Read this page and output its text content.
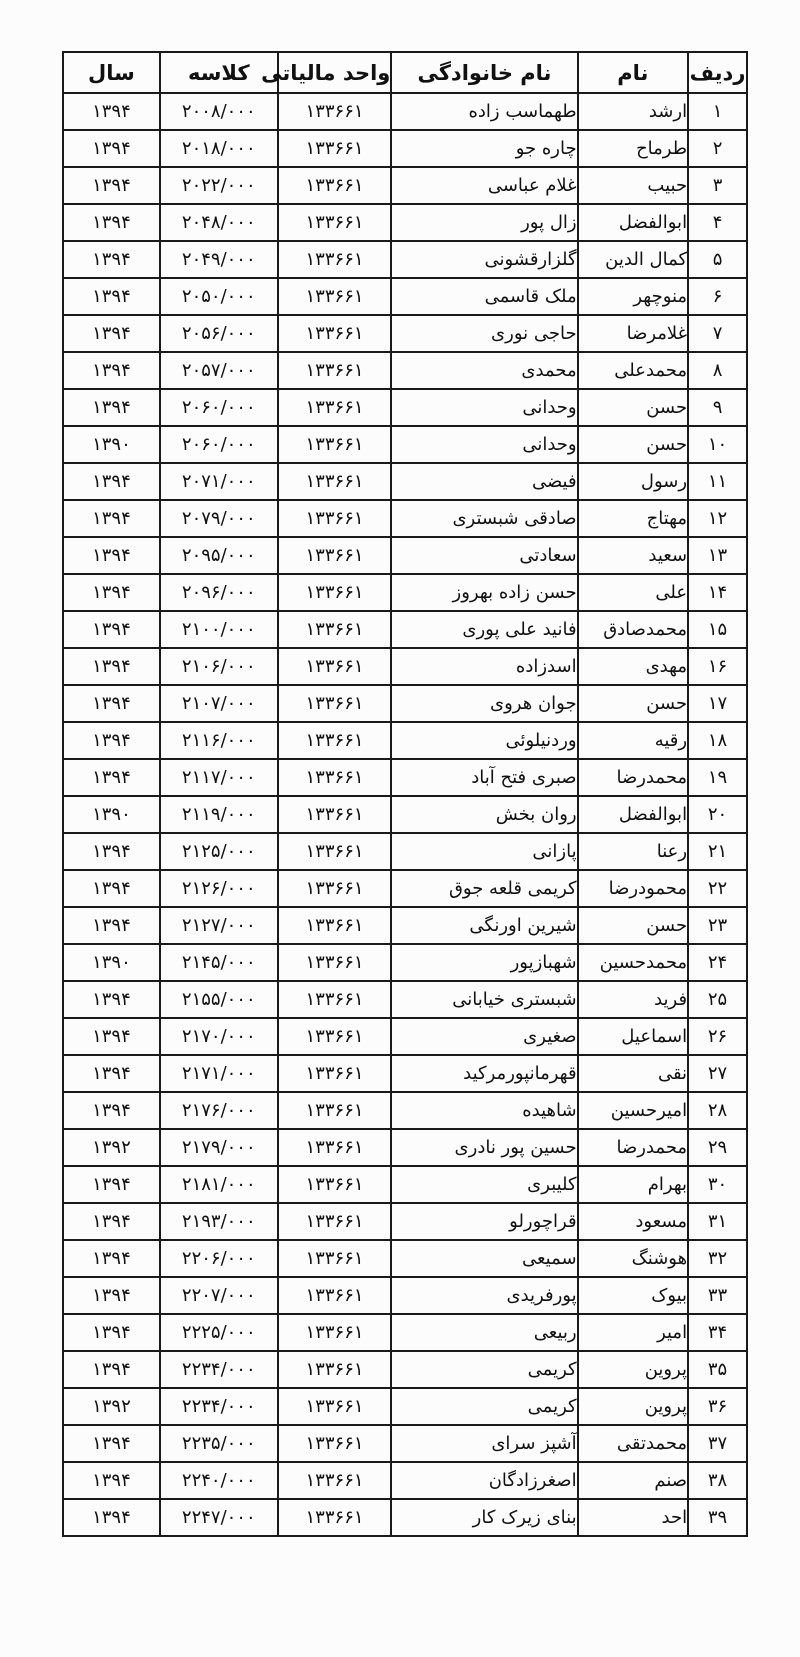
ردیف	نام	نام خانوادگی	واحد مالیاتی	کلاسه	سال
۱	ارشد	طهماسب زاده	۱۳۳۶۶۱	۲۰۰۸/۰۰۰	۱۳۹۴
۲	طرماح	چاره جو	۱۳۳۶۶۱	۲۰۱۸/۰۰۰	۱۳۹۴
۳	حبیب	غلام عباسی	۱۳۳۶۶۱	۲۰۲۲/۰۰۰	۱۳۹۴
۴	ابوالفضل	زال پور	۱۳۳۶۶۱	۲۰۴۸/۰۰۰	۱۳۹۴
۵	کمال الدین	گلزارقشونی	۱۳۳۶۶۱	۲۰۴۹/۰۰۰	۱۳۹۴
۶	منوچهر	ملک قاسمی	۱۳۳۶۶۱	۲۰۵۰/۰۰۰	۱۳۹۴
۷	غلامرضا	حاجی نوری	۱۳۳۶۶۱	۲۰۵۶/۰۰۰	۱۳۹۴
۸	محمدعلی	محمدی	۱۳۳۶۶۱	۲۰۵۷/۰۰۰	۱۳۹۴
۹	حسن	وحدانی	۱۳۳۶۶۱	۲۰۶۰/۰۰۰	۱۳۹۴
۱۰	حسن	وحدانی	۱۳۳۶۶۱	۲۰۶۰/۰۰۰	۱۳۹۰
۱۱	رسول	فیضی	۱۳۳۶۶۱	۲۰۷۱/۰۰۰	۱۳۹۴
۱۲	مهتاج	صادقی شبستری	۱۳۳۶۶۱	۲۰۷۹/۰۰۰	۱۳۹۴
۱۳	سعید	سعادتی	۱۳۳۶۶۱	۲۰۹۵/۰۰۰	۱۳۹۴
۱۴	علی	حسن زاده بهروز	۱۳۳۶۶۱	۲۰۹۶/۰۰۰	۱۳۹۴
۱۵	محمدصادق	فانید علی پوری	۱۳۳۶۶۱	۲۱۰۰/۰۰۰	۱۳۹۴
۱۶	مهدی	اسدزاده	۱۳۳۶۶۱	۲۱۰۶/۰۰۰	۱۳۹۴
۱۷	حسن	جوان هروی	۱۳۳۶۶۱	۲۱۰۷/۰۰۰	۱۳۹۴
۱۸	رقیه	وردنیلوئی	۱۳۳۶۶۱	۲۱۱۶/۰۰۰	۱۳۹۴
۱۹	محمدرضا	صبری فتح آباد	۱۳۳۶۶۱	۲۱۱۷/۰۰۰	۱۳۹۴
۲۰	ابوالفضل	روان بخش	۱۳۳۶۶۱	۲۱۱۹/۰۰۰	۱۳۹۰
۲۱	رعنا	پازانی	۱۳۳۶۶۱	۲۱۲۵/۰۰۰	۱۳۹۴
۲۲	محمودرضا	کریمی قلعه جوق	۱۳۳۶۶۱	۲۱۲۶/۰۰۰	۱۳۹۴
۲۳	حسن	شیرین اورنگی	۱۳۳۶۶۱	۲۱۲۷/۰۰۰	۱۳۹۴
۲۴	محمدحسین	شهبازپور	۱۳۳۶۶۱	۲۱۴۵/۰۰۰	۱۳۹۰
۲۵	فرید	شبستری خیابانی	۱۳۳۶۶۱	۲۱۵۵/۰۰۰	۱۳۹۴
۲۶	اسماعیل	صغیری	۱۳۳۶۶۱	۲۱۷۰/۰۰۰	۱۳۹۴
۲۷	نقی	قهرمانپورمرکید	۱۳۳۶۶۱	۲۱۷۱/۰۰۰	۱۳۹۴
۲۸	امیرحسین	شاهیده	۱۳۳۶۶۱	۲۱۷۶/۰۰۰	۱۳۹۴
۲۹	محمدرضا	حسین پور نادری	۱۳۳۶۶۱	۲۱۷۹/۰۰۰	۱۳۹۲
۳۰	بهرام	کلیبری	۱۳۳۶۶۱	۲۱۸۱/۰۰۰	۱۳۹۴
۳۱	مسعود	قراچورلو	۱۳۳۶۶۱	۲۱۹۳/۰۰۰	۱۳۹۴
۳۲	هوشنگ	سمیعی	۱۳۳۶۶۱	۲۲۰۶/۰۰۰	۱۳۹۴
۳۳	بیوک	پورفریدی	۱۳۳۶۶۱	۲۲۰۷/۰۰۰	۱۳۹۴
۳۴	امیر	ربیعی	۱۳۳۶۶۱	۲۲۲۵/۰۰۰	۱۳۹۴
۳۵	پروین	کریمی	۱۳۳۶۶۱	۲۲۳۴/۰۰۰	۱۳۹۴
۳۶	پروین	کریمی	۱۳۳۶۶۱	۲۲۳۴/۰۰۰	۱۳۹۲
۳۷	محمدتقی	آشپز سرای	۱۳۳۶۶۱	۲۲۳۵/۰۰۰	۱۳۹۴
۳۸	صنم	اصغرزادگان	۱۳۳۶۶۱	۲۲۴۰/۰۰۰	۱۳۹۴
۳۹	احد	بنای زیرک کار	۱۳۳۶۶۱	۲۲۴۷/۰۰۰	۱۳۹۴
